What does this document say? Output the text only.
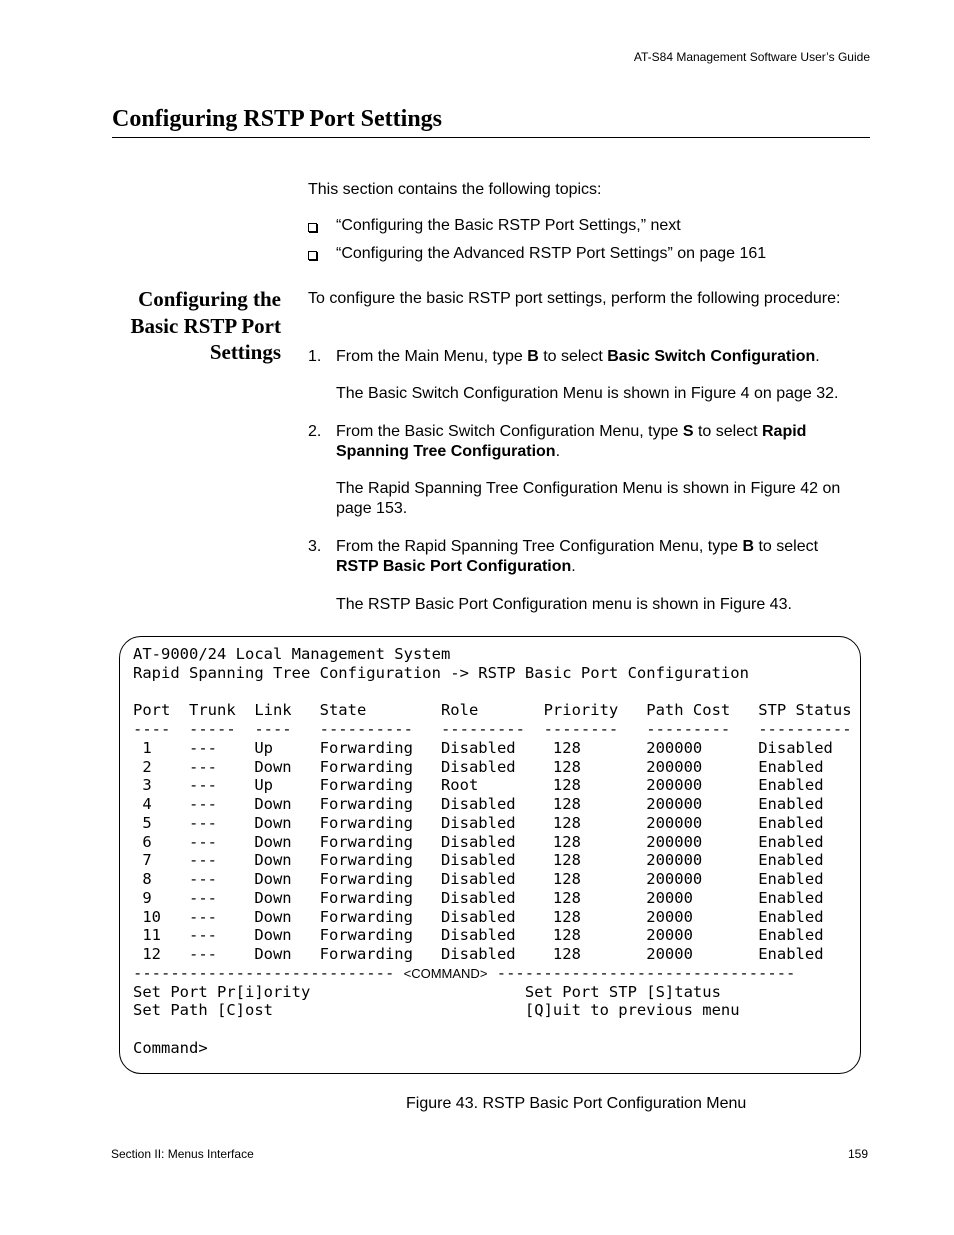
AT-S84 Management Software User’s Guide
Configuring RSTP Port Settings
This section contains the following topics:
“Configuring the Basic RSTP Port Settings,” next
“Configuring the Advanced RSTP Port Settings” on page 161
Configuring the
Basic RSTP Port
Settings
To configure the basic RSTP port settings, perform the following procedure:
1. From the Main Menu, type B to select Basic Switch Configuration.
The Basic Switch Configuration Menu is shown in Figure 4 on page 32.
2. From the Basic Switch Configuration Menu, type S to select Rapid Spanning Tree Configuration.
The Rapid Spanning Tree Configuration Menu is shown in Figure 42 on page 153.
3. From the Rapid Spanning Tree Configuration Menu, type B to select RSTP Basic Port Configuration.
The RSTP Basic Port Configuration menu is shown in Figure 43.
AT-9000/24 Local Management System
Rapid Spanning Tree Configuration -> RSTP Basic Port Configuration
Port  Trunk  Link   State        Role       Priority   Path Cost   STP Status
----  -----  ----   ----------   ---------  --------   ---------   ----------
1    ---    Up     Forwarding   Disabled    128       200000      Disabled
2    ---    Down   Forwarding   Disabled    128       200000      Enabled
3    ---    Up     Forwarding   Root        128       200000      Enabled
4    ---    Down   Forwarding   Disabled    128       200000      Enabled
5    ---    Down   Forwarding   Disabled    128       200000      Enabled
6    ---    Down   Forwarding   Disabled    128       200000      Enabled
7    ---    Down   Forwarding   Disabled    128       200000      Enabled
8    ---    Down   Forwarding   Disabled    128       200000      Enabled
9    ---    Down   Forwarding   Disabled    128       20000       Enabled
10   ---    Down   Forwarding   Disabled    128       20000       Enabled
11   ---    Down   Forwarding   Disabled    128       20000       Enabled
12   ---    Down   Forwarding   Disabled    128       20000       Enabled
---------------------------- <COMMAND> --------------------------------
Set Port Pr[i]ority                       Set Port STP [S]tatus
Set Path [C]ost                           [Q]uit to previous menu
Command>
Figure 43. RSTP Basic Port Configuration Menu
Section II: Menus Interface	159
